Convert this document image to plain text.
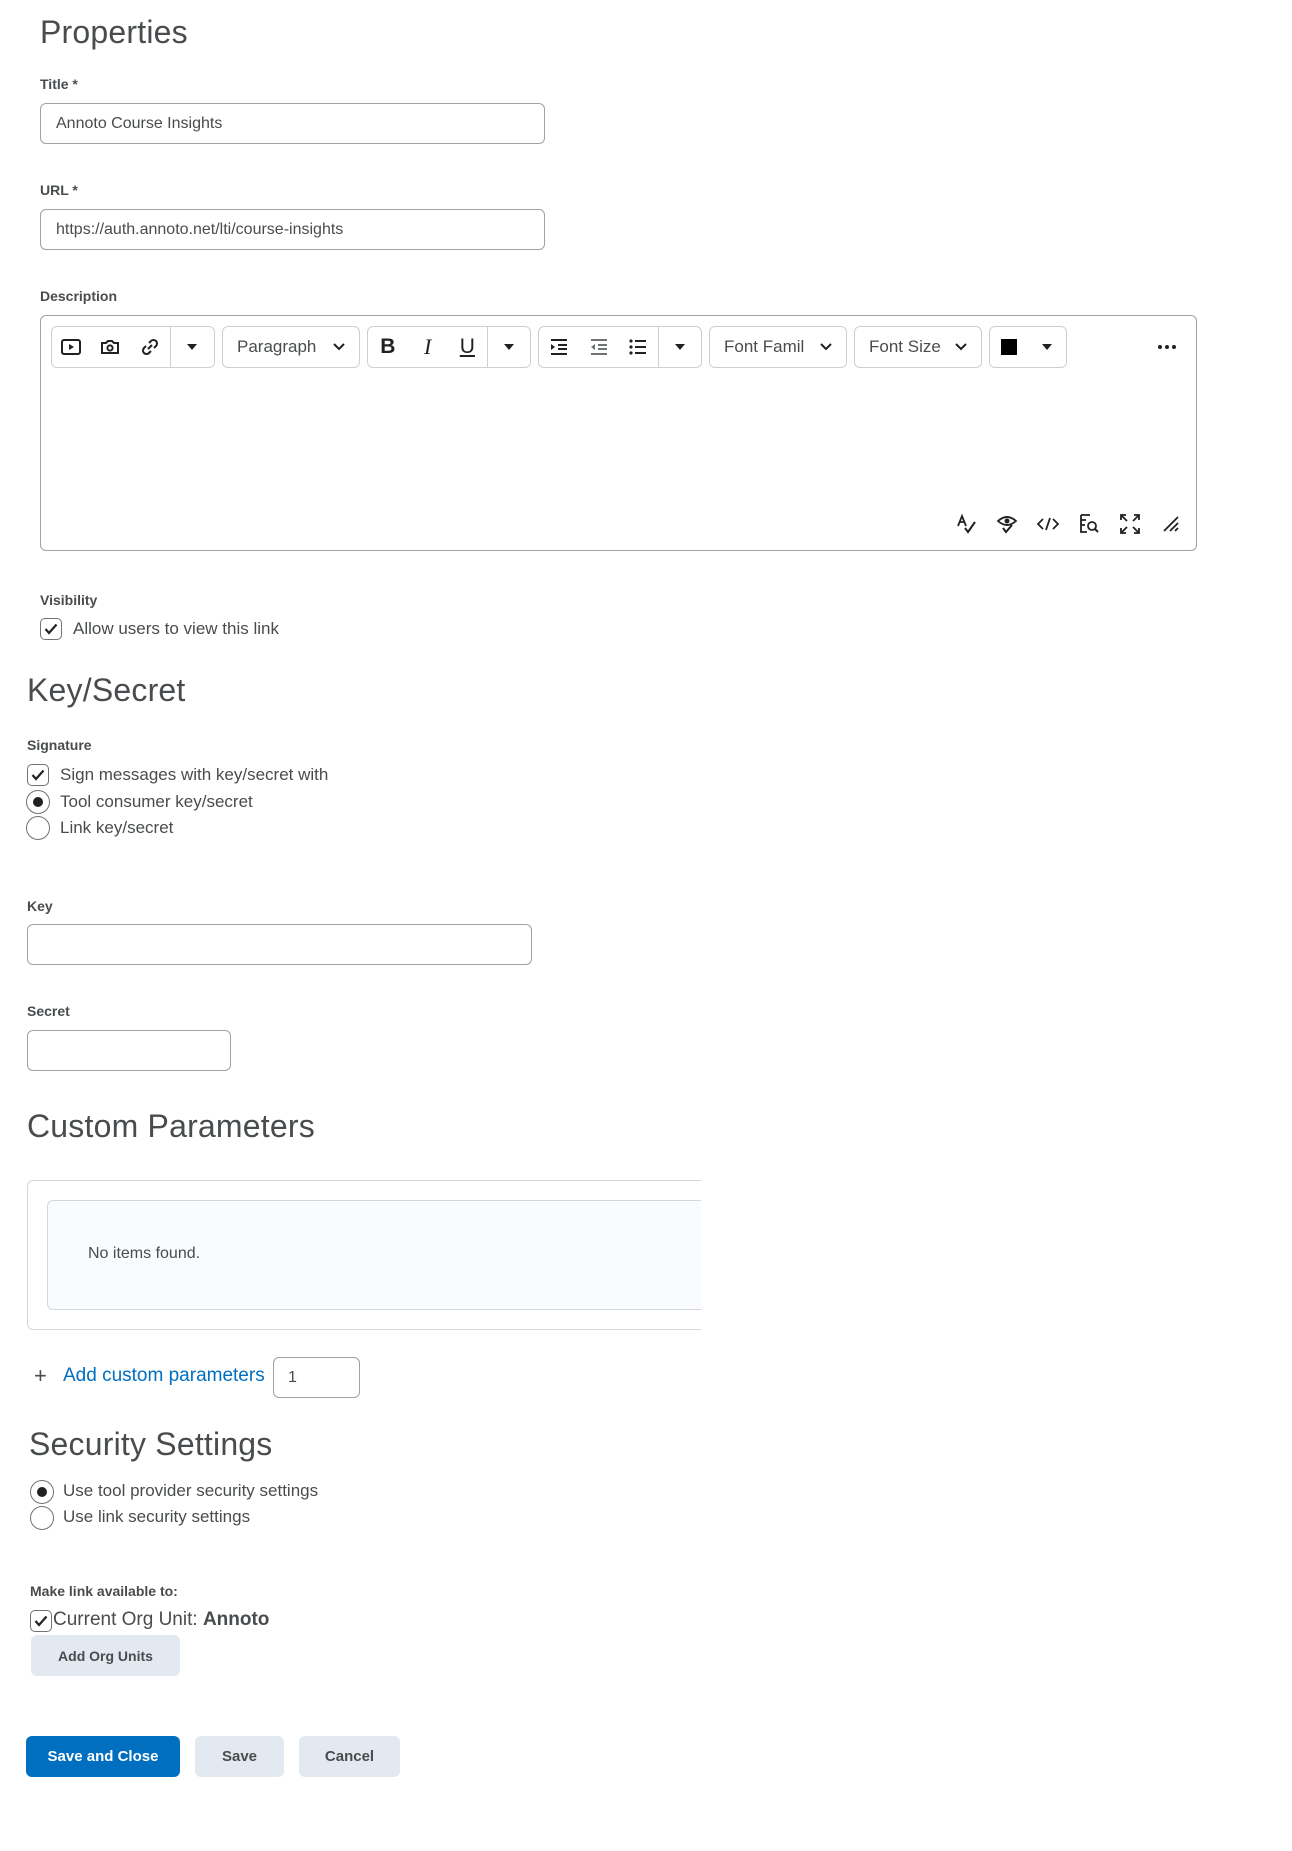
Properties
Title *
Annoto Course Insights
URL *
https://auth.annoto.net/lti/course-insights
Description
Paragraph	B I U	Font Famil	Font Size
Visibility
Allow users to view this link
Key/Secret
Signature
Sign messages with key/secret with
Tool consumer key/secret
Link key/secret
Key
Secret
Custom Parameters
No items found.
+ Add custom parameters
1
Security Settings
Use tool provider security settings
Use link security settings
Make link available to:
Current Org Unit: Annoto
Add Org Units
Save and Close	Save	Cancel
